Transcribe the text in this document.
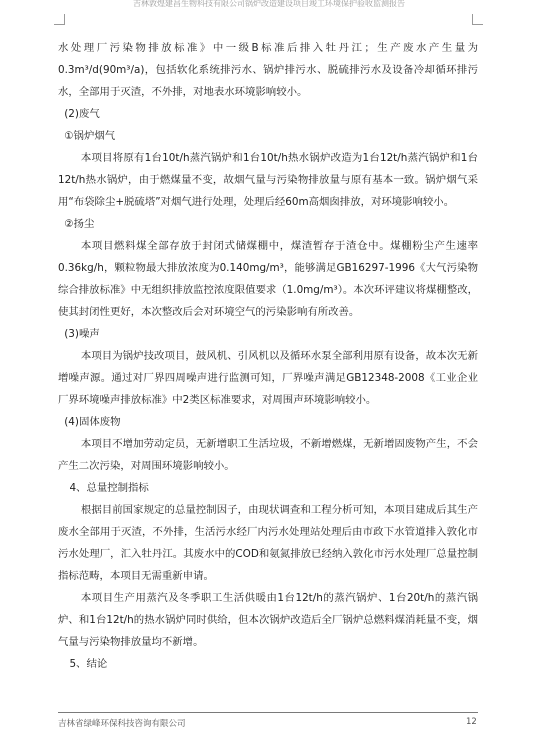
吉林敦煌建昌生物科技有限公司锅炉改造建设项目竣工环境保护验收监测报告

水处理厂污染物排放标准》中一级B标准后排入牡丹江；生产废水产生量为0.3m³/d(90m³/a)，包括软化系统排污水、锅炉排污水、脱硫排污水及设备冷却循环排污水，全部用于灭渣，不外排，对地表水环境影响较小。

(2)废气

①锅炉烟气

本项目将原有1台10t/h蒸汽锅炉和1台10t/h热水锅炉改造为1台12t/h蒸汽锅炉和1台12t/h热水锅炉，由于燃煤量不变，故烟气量与污染物排放量与原有基本一致。锅炉烟气采用“布袋除尘+脱硫塔”对烟气进行处理，处理后经60m高烟囱排放，对环境影响较小。

②扬尘

本项目燃料煤全部存放于封闭式储煤棚中，煤渣暂存于渣仓中。煤棚粉尘产生速率0.36kg/h，颗粒物最大排放浓度为0.140mg/m³，能够满足GB16297-1996《大气污染物综合排放标准》中无组织排放监控浓度限值要求（1.0mg/m³）。本次环评建议将煤棚整改，使其封闭性更好，本次整改后会对环境空气的污染影响有所改善。

(3)噪声

本项目为锅炉技改项目，鼓风机、引风机以及循环水泵全部利用原有设备，故本次无新增噪声源。通过对厂界四周噪声进行监测可知，厂界噪声满足GB12348-2008《工业企业厂界环境噪声排放标准》中2类区标准要求，对周围声环境影响较小。

(4)固体废物

本项目不增加劳动定员，无新增职工生活垃圾，不新增燃煤，无新增固废物产生，不会产生二次污染，对周围环境影响较小。

4、总量控制指标

根据目前国家规定的总量控制因子，由现状调查和工程分析可知，本项目建成后其生产废水全部用于灭渣，不外排，生活污水经厂内污水处理站处理后由市政下水管道排入敦化市污水处理厂，汇入牡丹江。其废水中的COD和氨氮排放已经纳入敦化市污水处理厂总量控制指标范畴，本项目无需重新申请。

本项目生产用蒸汽及冬季职工生活供暖由1台12t/h的蒸汽锅炉、1台20t/h的蒸汽锅炉、和1台12t/h的热水锅炉同时供给，但本次锅炉改造后全厂锅炉总燃料煤消耗量不变，烟气量与污染物排放量均不新增。

5、结论

吉林省绿峰环保科技咨询有限公司	12
